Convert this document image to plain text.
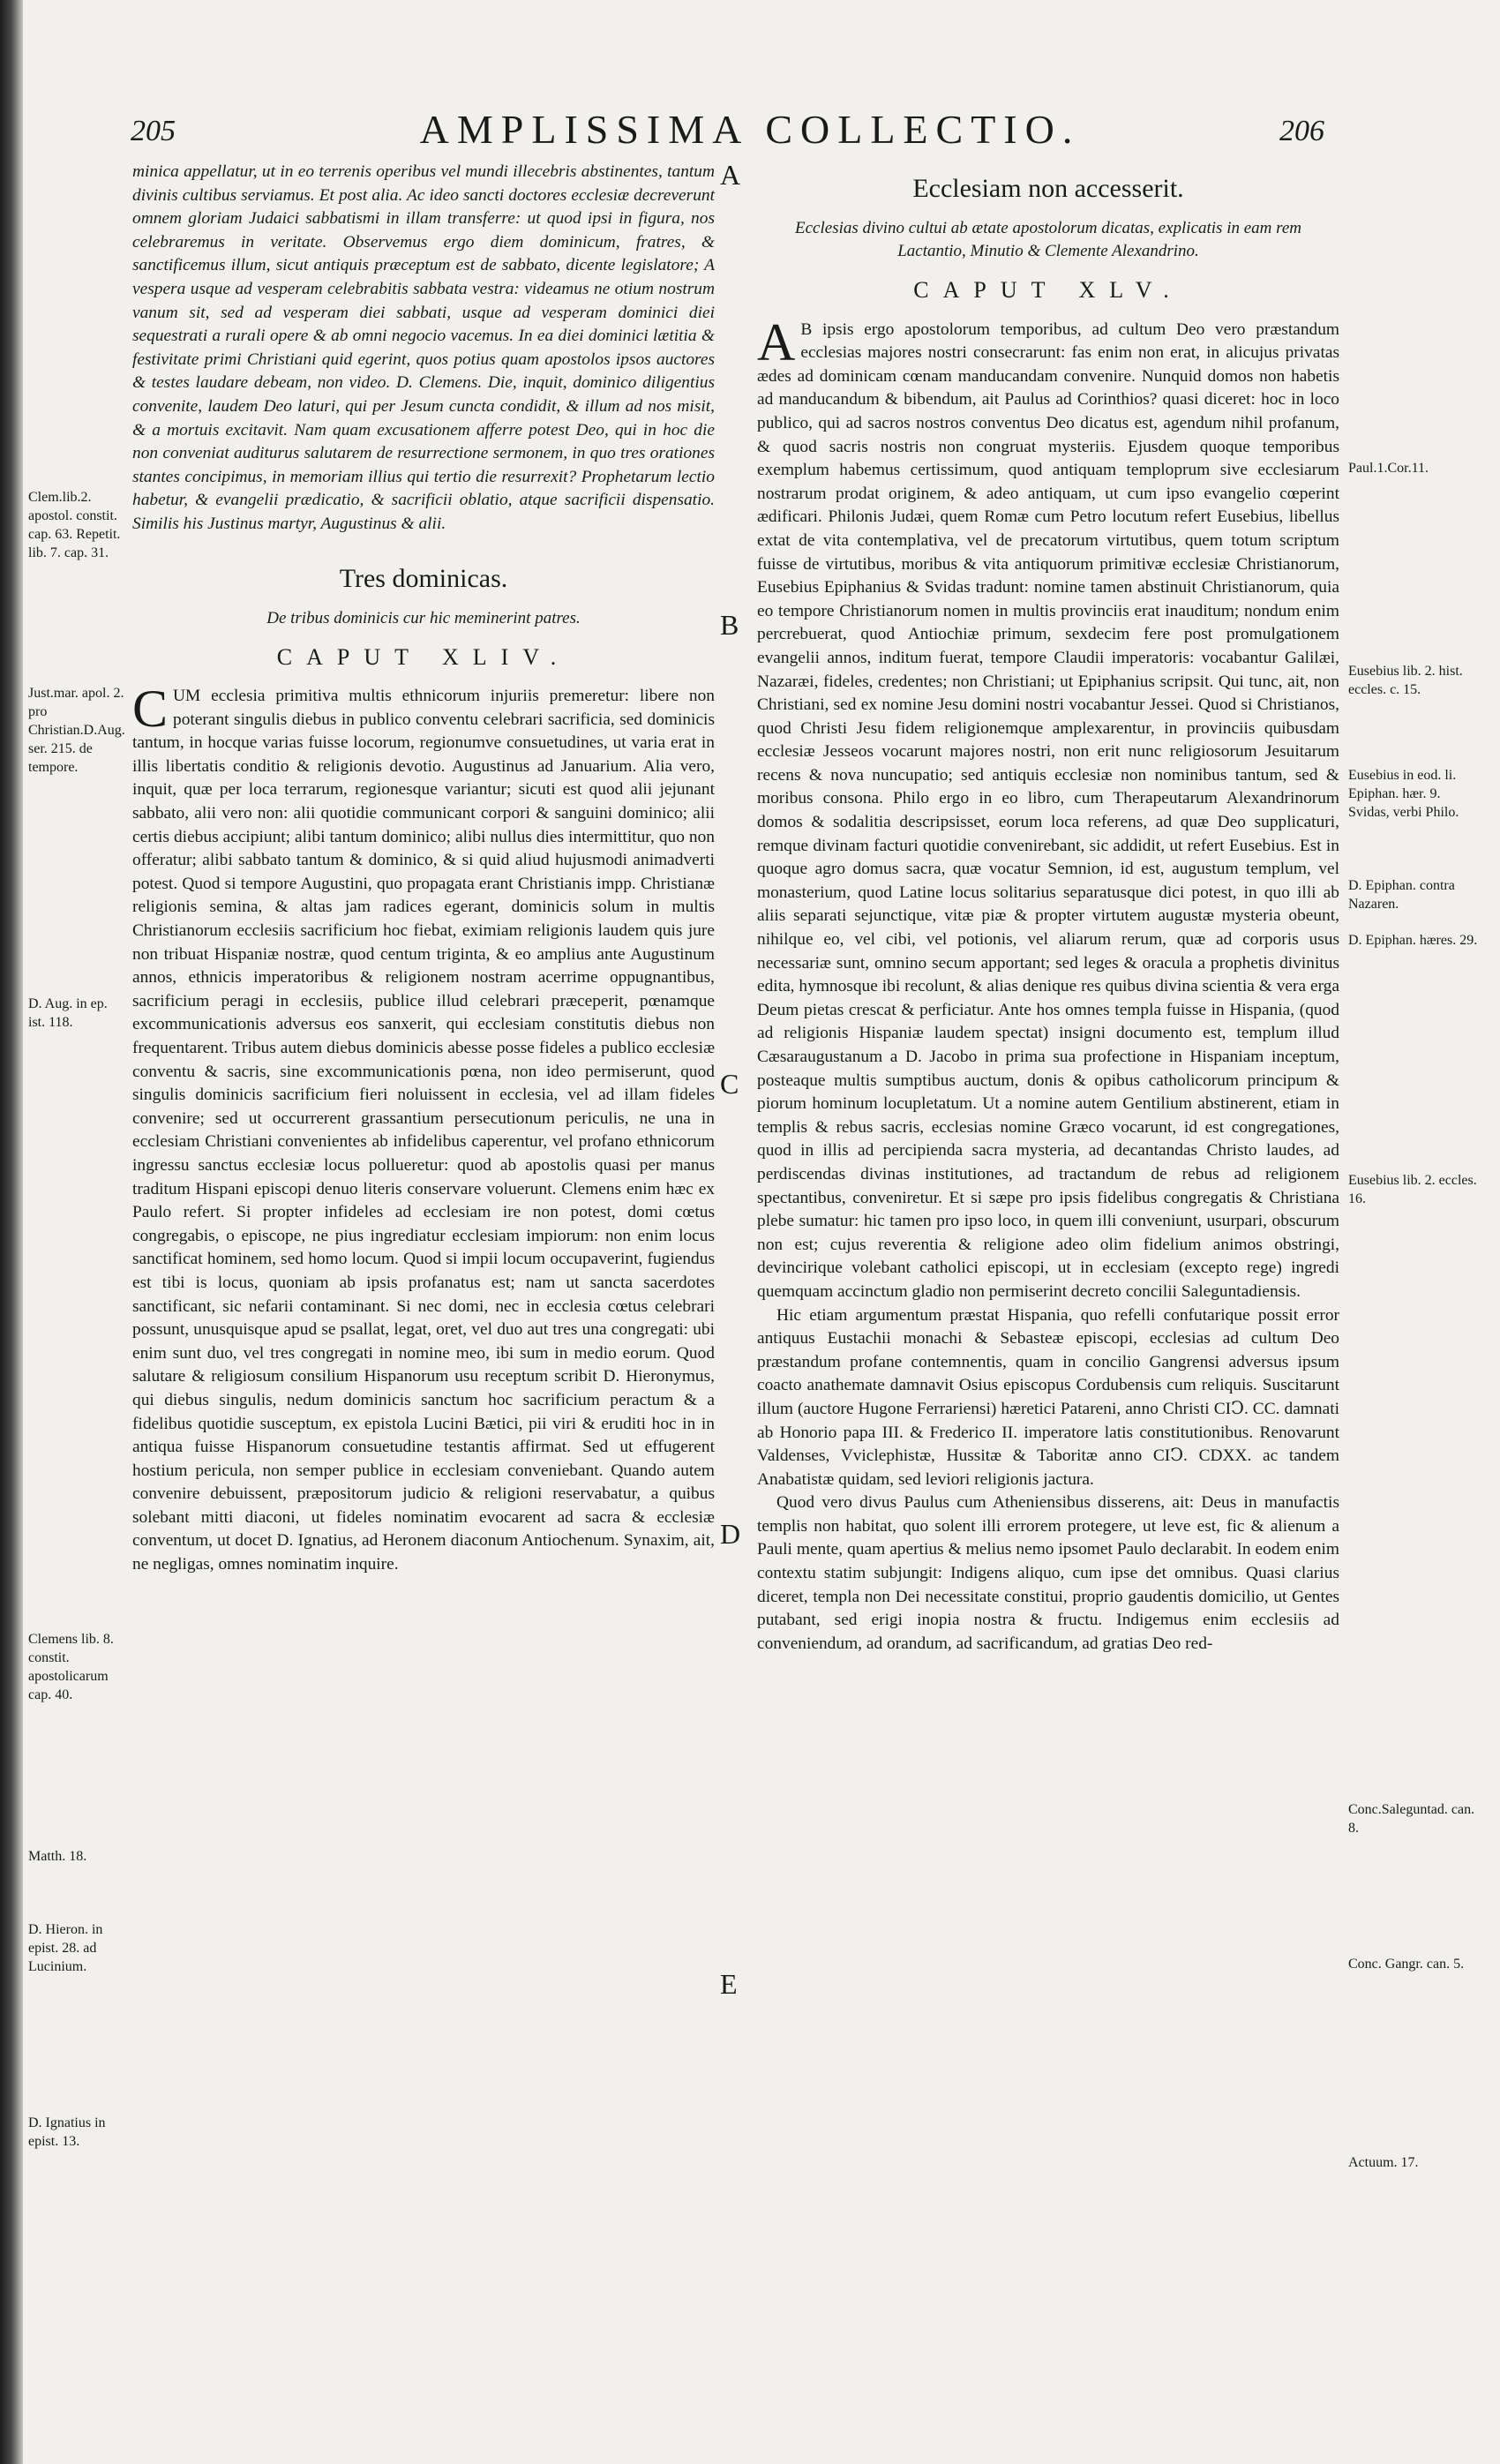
205	AMPLISSIMA COLLECTIO.	206
A
B
C
D
E
Clem.lib.2. apostol. constit. cap. 63. Repetit. lib. 7. cap. 31.
Just.mar. apol. 2. pro Christian.D.Aug. ser. 215. de tempore.
D. Aug. in ep. ist. 118.
Clemens lib. 8. constit. apostolicarum cap. 40.
Matth. 18.
D. Hieron. in epist. 28. ad Lucinium.
D. Ignatius in epist. 13.
Paul.1.Cor.11.
Eusebius lib. 2. hist. eccles. c. 15.
Eusebius in eod. li. Epiphan. hær. 9. Svidas, verbi Philo.
D. Epiphan. contra Nazaren.
D. Epiphan. hæres. 29.
Eusebius lib. 2. eccles. 16.
Conc.Saleguntad. can. 8.
Conc. Gangr. can. 5.
Actuum. 17.

minica appellatur, ut in eo terrenis operibus vel mundi illecebris abstinentes, tantum divinis cultibus serviamus. Et post alia. Ac ideo sancti doctores ecclesiæ decreverunt omnem gloriam Judaici sabbatismi in illam transferre: ut quod ipsi in figura, nos celebraremus in veritate. Observemus ergo diem dominicum, fratres, & sanctificemus illum, sicut antiquis præceptum est de sabbato, dicente legislatore; A vespera usque ad vesperam celebrabitis sabbata vestra: videamus ne otium nostrum vanum sit, sed ad vesperam diei sabbati, usque ad vesperam dominici diei sequestrati a rurali opere & ab omni negocio vacemus. In ea diei dominici lætitia & festivitate primi Christiani quid egerint, quos potius quam apostolos ipsos auctores & testes laudare debeam, non video. D. Clemens. Die, inquit, dominico diligentius convenite, laudem Deo laturi, qui per Jesum cuncta condidit, & illum ad nos misit, & a mortuis excitavit. Nam quam excusationem afferre potest Deo, qui in hoc die non conveniat auditurus salutarem de resurrectione sermonem, in quo tres orationes stantes concipimus, in memoriam illius qui tertio die resurrexit? Prophetarum lectio habetur, & evangelii prædicatio, & sacrificii oblatio, atque sacrificii dispensatio. Similis his Justinus martyr, Augustinus & alii.

Tres dominicas.
De tribus dominicis cur hic meminerint patres.
CAPUT XLIV.

CUM ecclesia primitiva multis ethnicorum injuriis premeretur: libere non poterant singulis diebus in publico conventu celebrari sacrificia, sed dominicis tantum, in hocque varias fuisse locorum, regionumve consuetudines, ut varia erat in illis libertatis conditio & religionis devotio. Augustinus ad Januarium. Alia vero, inquit, quæ per loca terrarum, regionesque variantur; sicuti est quod alii jejunant sabbato, alii vero non: alii quotidie communicant corpori & sanguini dominico; alii certis diebus accipiunt; alibi tantum dominico; alibi nullus dies intermittitur, quo non offeratur; alibi sabbato tantum & dominico, & si quid aliud hujusmodi animadverti potest. Quod si tempore Augustini, quo propagata erant Christianis impp. Christianæ religionis semina, & altas jam radices egerant, dominicis solum in multis Christianorum ecclesiis sacrificium hoc fiebat, eximiam religionis laudem quis jure non tribuat Hispaniæ nostræ, quod centum triginta, & eo amplius ante Augustinum annos, ethnicis imperatoribus & religionem nostram acerrime oppugnantibus, sacrificium peragi in ecclesiis, publice illud celebrari præceperit, pœnamque excommunicationis adversus eos sanxerit, qui ecclesiam constitutis diebus non frequentarent. Tribus autem diebus dominicis abesse posse fideles a publico ecclesiæ conventu & sacris, sine excommunicationis pœna, non ideo permiserunt, quod singulis dominicis sacrificium fieri noluissent in ecclesia, vel ad illam fideles convenire; sed ut occurrerent grassantium persecutionum periculis, ne una in ecclesiam Christiani convenientes ab infidelibus caperentur, vel profano ethnicorum ingressu sanctus ecclesiæ locus pollueretur: quod ab apostolis quasi per manus traditum Hispani episcopi denuo literis conservare voluerunt. Clemens enim hæc ex Paulo refert. Si propter infideles ad ecclesiam ire non potest, domi cœtus congregabis, o episcope, ne pius ingrediatur ecclesiam impiorum: non enim locus sanctificat hominem, sed homo locum. Quod si impii locum occupaverint, fugiendus est tibi is locus, quoniam ab ipsis profanatus est; nam ut sancta sacerdotes sanctificant, sic nefarii contaminant. Si nec domi, nec in ecclesia cœtus celebrari possunt, unusquisque apud se psallat, legat, oret, vel duo aut tres una congregati: ubi enim sunt duo, vel tres congregati in nomine meo, ibi sum in medio eorum. Quod salutare & religiosum consilium Hispanorum usu receptum scribit D. Hieronymus, qui diebus singulis, nedum dominicis sanctum hoc sacrificium peractum & a fidelibus quotidie susceptum, ex epistola Lucini Bætici, pii viri & eruditi hoc in in antiqua fuisse Hispanorum consuetudine testantis affirmat. Sed ut effugerent hostium pericula, non semper publice in ecclesiam conveniebant. Quando autem convenire debuissent, præpositorum judicio & religioni reservabatur, a quibus solebant mitti diaconi, ut fideles nominatim evocarent ad sacra & ecclesiæ conventum, ut docet D. Ignatius, ad Heronem diaconum Antiochenum. Synaxim, ait, ne negligas, omnes nominatim inquire.

Ecclesiam non accesserit.
Ecclesias divino cultui ab ætate apostolorum dicatas, explicatis in eam rem Lactantio, Minutio & Clemente Alexandrino.
CAPUT XLV.

A B ipsis ergo apostolorum temporibus, ad cultum Deo vero præstandum ecclesias majores nostri consecrarunt: fas enim non erat, in alicujus privatas ædes ad dominicam cœnam manducandam convenire. Nunquid domos non habetis ad manducandum & bibendum, ait Paulus ad Corinthios? quasi diceret: hoc in loco publico, qui ad sacros nostros conventus Deo dicatus est, agendum nihil profanum, & quod sacris nostris non congruat mysteriis. Ejusdem quoque temporibus exemplum habemus certissimum, quod antiquam temploprum sive ecclesiarum nostrarum prodat originem, & adeo antiquam, ut cum ipso evangelio cœperint ædificari. Philonis Judæi, quem Romæ cum Petro locutum refert Eusebius, libellus extat de vita contemplativa, vel de precatorum virtutibus, quem totum scriptum fuisse de virtutibus, moribus & vita antiquorum primitivæ ecclesiæ Christianorum, Eusebius Epiphanius & Svidas tradunt: nomine tamen abstinuit Christianorum, quia eo tempore Christianorum nomen in multis provinciis erat inauditum; nondum enim percrebuerat, quod Antiochiæ primum, sexdecim fere post promulgationem evangelii annos, inditum fuerat, tempore Claudii imperatoris: vocabantur Galilæi, Nazaræi, fideles, credentes; non Christiani; ut Epiphanius scripsit. Qui tunc, ait, non Christiani, sed ex nomine Jesu domini nostri vocabantur Jessei. Quod si Christianos, quod Christi Jesu fidem religionemque amplexarentur, in provinciis quibusdam ecclesiæ Jesseos vocarunt majores nostri, non erit nunc religiosorum Jesuitarum recens & nova nuncupatio; sed antiquis ecclesiæ non nominibus tantum, sed & moribus consona. Philo ergo in eo libro, cum Therapeutarum Alexandrinorum domos & sodalitia descripsisset, eorum loca referens, ad quæ Deo supplicaturi, remque divinam facturi quotidie convenirebant, sic addidit, ut refert Eusebius. Est in quoque agro domus sacra, quæ vocatur Semnion, id est, augustum templum, vel monasterium, quod Latine locus solitarius separatusque dici potest, in quo illi ab aliis separati sejunctique, vitæ piæ & propter virtutem augustæ mysteria obeunt, nihilque eo, vel cibi, vel potionis, vel aliarum rerum, quæ ad corporis usus necessariæ sunt, omnino secum apportant; sed leges & oracula a prophetis divinitus edita, hymnosque ibi recolunt, & alias denique res quibus divina scientia & vera erga Deum pietas crescat & perficiatur. Ante hos omnes templa fuisse in Hispania, (quod ad religionis Hispaniæ laudem spectat) insigni documento est, templum illud Cæsaraugustanum a D. Jacobo in prima sua profectione in Hispaniam inceptum, posteaque multis sumptibus auctum, donis & opibus catholicorum principum & piorum hominum locupletatum. Ut a nomine autem Gentilium abstinerent, etiam in templis & rebus sacris, ecclesias nomine Græco vocarunt, id est congregationes, quod in illis ad percipienda sacra mysteria, ad decantandas Christo laudes, ad perdiscendas divinas institutiones, ad tractandum de rebus ad religionem spectantibus, conveniretur. Et si sæpe pro ipsis fidelibus congregatis & Christiana plebe sumatur: hic tamen pro ipso loco, in quem illi conveniunt, usurpari, obscurum non est; cujus reverentia & religione adeo olim fidelium animos obstringi, devincirique volebant catholici episcopi, ut in ecclesiam (excepto rege) ingredi quemquam accinctum gladio non permiserint decreto concilii Saleguntadiensis.

Hic etiam argumentum præstat Hispania, quo refelli confutarique possit error antiquus Eustachii monachi & Sebasteæ episcopi, ecclesias ad cultum Deo præstandum profane contemnentis, quam in concilio Gangrensi adversus ipsum coacto anathemate damnavit Osius episcopus Cordubensis cum reliquis. Suscitarunt illum (auctore Hugone Ferrariensi) hæretici Patareni, anno Christi CIↃ. CC. damnati ab Honorio papa III. & Frederico II. imperatore latis constitutionibus. Renovarunt Valdenses, Vviclephistæ, Hussitæ & Taboritæ anno CIↃ. CDXX. ac tandem Anabatistæ quidam, sed leviori religionis jactura.

Quod vero divus Paulus cum Atheniensibus disserens, ait: Deus in manufactis templis non habitat, quo solent illi errorem protegere, ut leve est, fic & alienum a Pauli mente, quam apertius & melius nemo ipsomet Paulo declarabit. In eodem enim contextu statim subjungit: Indigens aliquo, cum ipse det omnibus. Quasi clarius diceret, templa non Dei necessitate constitui, proprio gaudentis domicilio, ut Gentes putabant, sed erigi inopia nostra & fructu. Indigemus enim ecclesiis ad conveniendum, ad orandum, ad sacrificandum, ad gratias Deo red-
